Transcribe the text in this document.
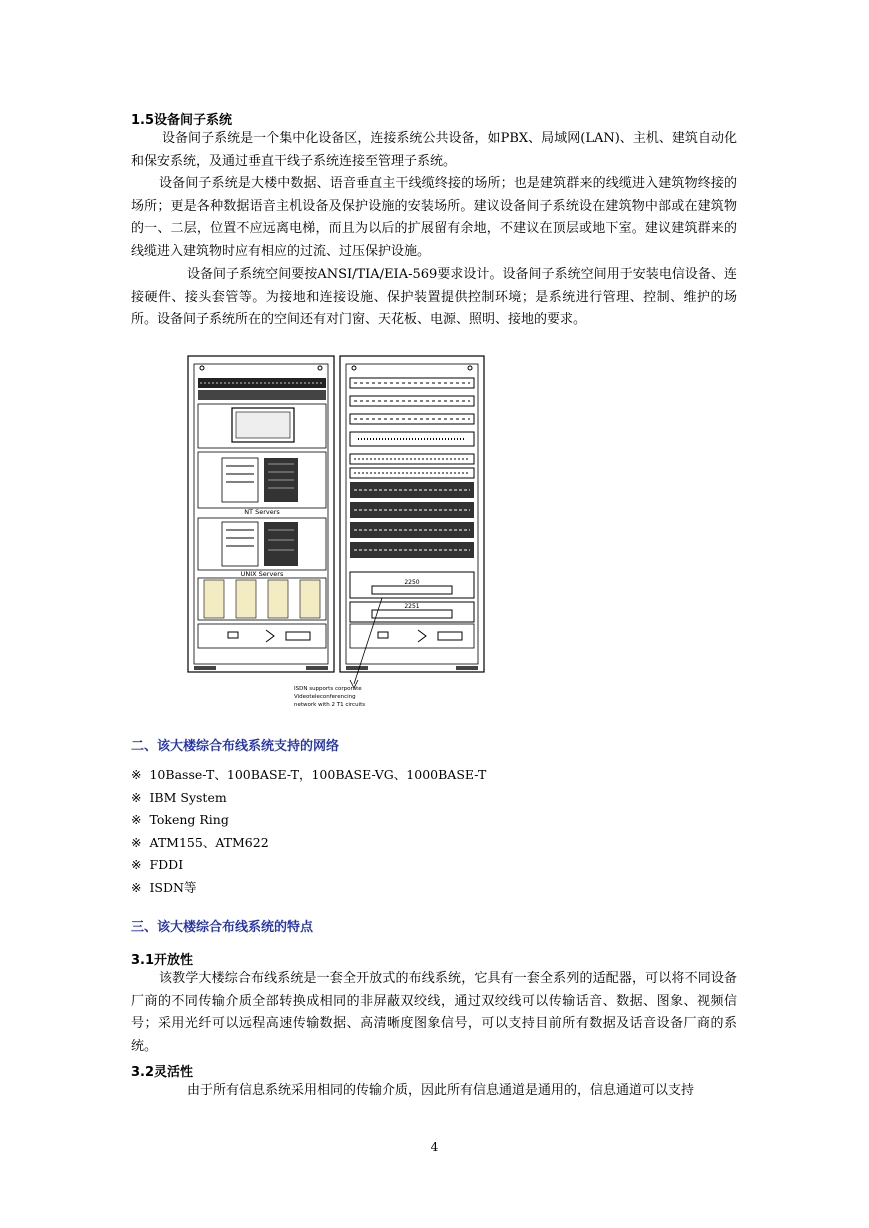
1.5设备间子系统

设备间子系统是一个集中化设备区，连接系统公共设备，如PBX、局域网(LAN)、主机、建筑自动化和保安系统，及通过垂直干线子系统连接至管理子系统。

设备间子系统是大楼中数据、语音垂直主干线缆终接的场所；也是建筑群来的线缆进入建筑物终接的场所；更是各种数据语音主机设备及保护设施的安装场所。建议设备间子系统设在建筑物中部或在建筑物的一、二层，位置不应远离电梯，而且为以后的扩展留有余地，不建议在顶层或地下室。建议建筑群来的线缆进入建筑物时应有相应的过流、过压保护设施。

设备间子系统空间要按ANSI/TIA/EIA-569要求设计。设备间子系统空间用于安装电信设备、连接硬件、接头套管等。为接地和连接设施、保护装置提供控制环境；是系统进行管理、控制、维护的场所。设备间子系统所在的空间还有对门窗、天花板、电源、照明、接地的要求。

NT Servers
UNIX Servers
2250
2251
ISDN supports corporate
Videoteleconferencing
network with 2 T1 circuits
二、该大楼综合布线系统支持的网络
※ 10Basse-T、100BASE-T，100BASE-VG、1000BASE-T
※ IBM System
※ Tokeng Ring
※ ATM155、ATM622
※ FDDI
※ ISDN等
三、该大楼综合布线系统的特点
3.1开放性

该教学大楼综合布线系统是一套全开放式的布线系统，它具有一套全系列的适配器，可以将不同设备厂商的不同传输介质全部转换成相同的非屏蔽双绞线，通过双绞线可以传输话音、数据、图象、视频信号；采用光纤可以远程高速传输数据、高清晰度图象信号，可以支持目前所有数据及话音设备厂商的系统。

3.2灵活性

由于所有信息系统采用相同的传输介质，因此所有信息通道是通用的，信息通道可以支持

4
